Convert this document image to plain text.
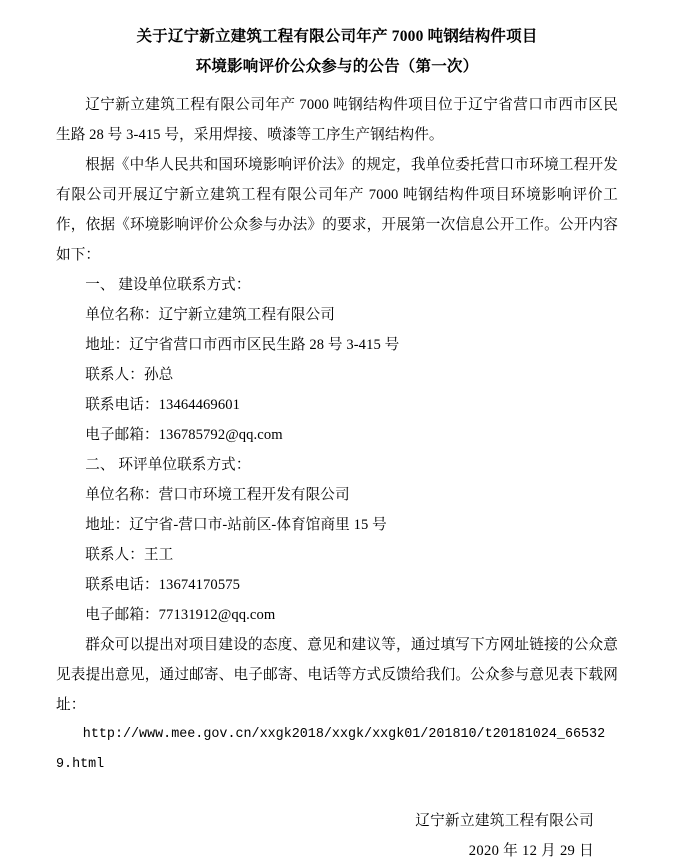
关于辽宁新立建筑工程有限公司年产 7000 吨钢结构件项目
环境影响评价公众参与的公告（第一次）

辽宁新立建筑工程有限公司年产 7000 吨钢结构件项目位于辽宁省营口市西市区民生路 28 号 3-415 号，采用焊接、喷漆等工序生产钢结构件。

根据《中华人民共和国环境影响评价法》的规定，我单位委托营口市环境工程开发有限公司开展辽宁新立建筑工程有限公司年产 7000 吨钢结构件项目环境影响评价工作，依据《环境影响评价公众参与办法》的要求，开展第一次信息公开工作。公开内容如下：

一、 建设单位联系方式：

单位名称：辽宁新立建筑工程有限公司

地址：辽宁省营口市西市区民生路 28 号 3-415 号

联系人：孙总

联系电话：13464469601

电子邮箱：136785792@qq.com

二、 环评单位联系方式：

单位名称：营口市环境工程开发有限公司

地址：辽宁省-营口市-站前区-体育馆商里 15 号

联系人：王工

联系电话：13674170575

电子邮箱：77131912@qq.com

群众可以提出对项目建设的态度、意见和建议等，通过填写下方网址链接的公众意见表提出意见，通过邮寄、电子邮寄、电话等方式反馈给我们。公众参与意见表下载网址：

http://www.mee.gov.cn/xxgk2018/xxgk/xxgk01/201810/t20181024_665329.html

辽宁新立建筑工程有限公司
2020 年 12 月 29 日
